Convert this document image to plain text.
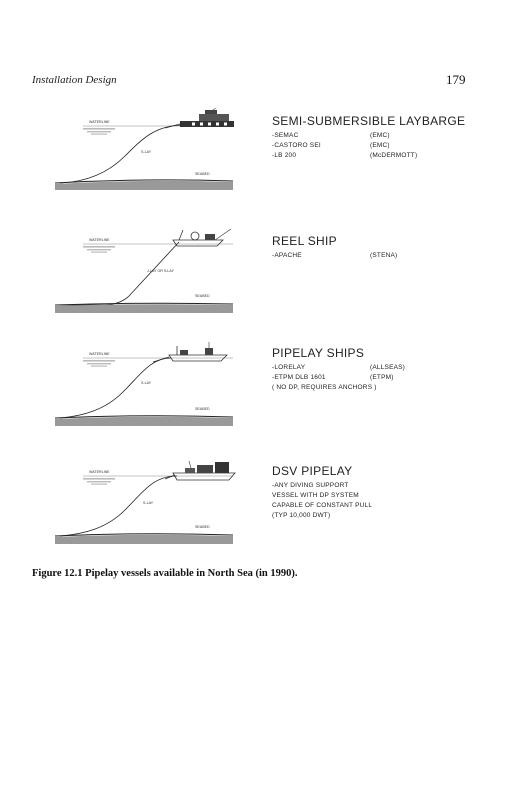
Installation Design	179
WATERLINE
S-LAY
SEABED
SEMI-SUBMERSIBLE LAYBARGE
-SEMAC	(EMC)
-CASTORO SEI	(EMC)
-LB 200	(McDERMOTT)
WATERLINE
J-LAY OR S-LAY
SEABED
REEL SHIP
-APACHE	(STENA)
WATERLINE
S-LAY
SEABED
PIPELAY SHIPS
-LORELAY	(ALLSEAS)
-ETPM DLB 1601	(ETPM)
( NO DP, REQUIRES ANCHORS )
WATERLINE
S-LAY
SEABED
DSV PIPELAY
-ANY DIVING SUPPORT
VESSEL WITH DP SYSTEM
CAPABLE OF CONSTANT PULL
(TYP 10,000 DWT)
Figure 12.1 Pipelay vessels available in North Sea (in 1990).
